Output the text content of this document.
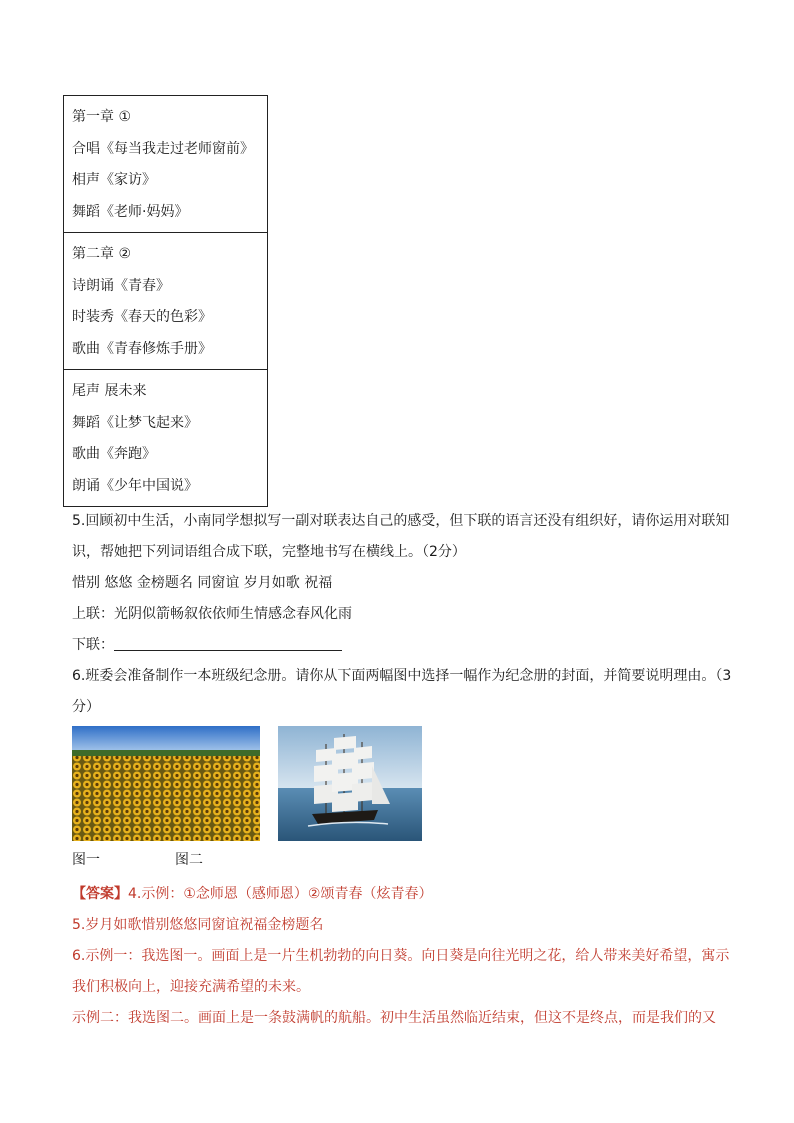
第一章 ①
合唱《每当我走过老师窗前》
相声《家访》
舞蹈《老师·妈妈》
第二章 ②
诗朗诵《青春》
时装秀《春天的色彩》
歌曲《青春修炼手册》
尾声 展未来
舞蹈《让梦飞起来》
歌曲《奔跑》
朗诵《少年中国说》

5.回顾初中生活，小南同学想拟写一副对联表达自己的感受，但下联的语言还没有组织好，请你运用对联知识，帮她把下列词语组合成下联，完整地书写在横线上。（2分）

惜别 悠悠 金榜题名 同窗谊 岁月如歌 祝福

上联：光阴似箭畅叙依依师生情感念春风化雨

下联：

6.班委会准备制作一本班级纪念册。请你从下面两幅图中选择一幅作为纪念册的封面，并简要说明理由。（3分）

图一	图二

【答案】4.示例：①念师恩（感师恩）②颂青春（炫青春）

5.岁月如歌惜别悠悠同窗谊祝福金榜题名

6.示例一：我选图一。画面上是一片生机勃勃的向日葵。向日葵是向往光明之花，给人带来美好希望，寓示我们积极向上，迎接充满希望的未来。

示例二：我选图二。画面上是一条鼓满帆的航船。初中生活虽然临近结束，但这不是终点，而是我们的又
